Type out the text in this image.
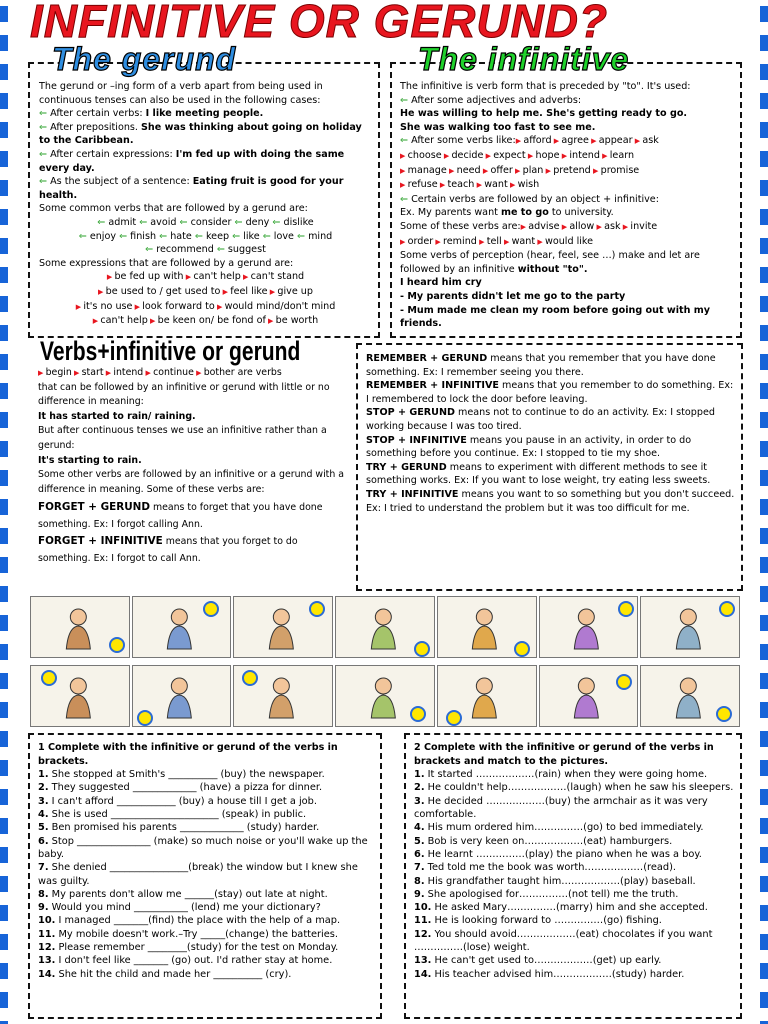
INFINITIVE OR GERUND?

The gerund or –ing form of a verb apart from being used in continuous tenses can also be used in the following cases:

⇐ After certain verbs: I like meeting people.

⇐ After prepositions. She was thinking about going on holiday to the Caribbean.

⇐ After certain expressions: I'm fed up with doing the same every day.

⇐ As the subject of a sentence: Eating fruit is good for your health.

Some common verbs that are followed by a gerund are:

⇐ admit ⇐ avoid ⇐ consider ⇐ deny ⇐ dislike

⇐ enjoy ⇐ finish ⇐ hate ⇐ keep ⇐ like ⇐ love ⇐ mind

⇐ recommend ⇐ suggest

Some expressions that are followed by a gerund are:

▶ be fed up with ▶ can't help ▶ can't stand

▶ be used to / get used to ▶ feel like ▶ give up

▶ it's no use ▶ look forward to ▶ would mind/don't mind

▶ can't help ▶ be keen on/ be fond of ▶ be worth

The gerund

The infinitive is verb form that is preceded by "to". It's used:

⇐ After some adjectives and adverbs:

He was willing to help me. She's getting ready to go.

She was walking too fast to see me.

⇐ After some verbs like:▶ afford ▶ agree ▶ appear ▶ ask

▶ choose ▶ decide ▶ expect ▶ hope ▶ intend ▶ learn

▶ manage ▶ need ▶ offer ▶ plan ▶ pretend ▶ promise

▶ refuse ▶ teach ▶ want ▶ wish

⇐ Certain verbs are followed by an object + infinitive:

Ex. My parents want me to go to university.

Some of these verbs are:▶ advise ▶ allow ▶ ask ▶ invite

▶ order ▶ remind ▶ tell ▶ want ▶ would like

Some verbs of perception (hear, feel, see …) make and let are followed by an infinitive without "to".

I heard him cry

- My parents didn't let me go to the party

- Mum made me clean my room before going out with my friends.

The infinitive
Verbs+infinitive or gerund

▶ begin ▶ start ▶ intend ▶ continue ▶ bother are verbs

that can be followed by an infinitive or gerund with little or no difference in meaning:

It has started to rain/ raining.

But after continuous tenses we use an infinitive rather than a gerund:

It's starting to rain.

Some other verbs are followed by an infinitive or a gerund with a difference in meaning. Some of these verbs are:

FORGET + GERUND means to forget that you have done something. Ex: I forgot calling Ann.

FORGET + INFINITIVE means that you forget to do something. Ex: I forgot to call Ann.

REMEMBER + GERUND means that you remember that you have done something. Ex: I remember seeing you there.

REMEMBER + INFINITIVE means that you remember to do something. Ex: I remembered to lock the door before leaving.

STOP + GERUND means not to continue to do an activity. Ex: I stopped working because I was too tired.

STOP + INFINITIVE means you pause in an activity, in order to do something before you continue. Ex: I stopped to tie my shoe.

TRY + GERUND means to experiment with different methods to see it something works. Ex: If you want to lose weight, try eating less sweets.

TRY + INFINITIVE means you want to so something but you don't succeed. Ex: I tried to understand the problem but it was too difficult for me.

1 Complete with the infinitive or gerund of the verbs in brackets.

1. She stopped at Smith's __________ (buy) the newspaper.

2. They suggested _____________ (have) a pizza for dinner.

3. I can't afford ____________ (buy) a house till I get a job.

4. She is used ______________________ (speak) in public.

5. Ben promised his parents _____________ (study) harder.

6. Stop _______________ (make) so much noise or you'll wake up the baby.

7. She denied ________________(break) the window but I knew she was guilty.

8. My parents don't allow me ______(stay) out late at night.

9. Would you mind ___________ (lend) me your dictionary?

10. I managed _______(find) the place with the help of a map.

11. My mobile doesn't work.–Try _____(change) the batteries.

12. Please remember ________(study) for the test on Monday.

13. I don't feel like _______ (go) out. I'd rather stay at home.

14. She hit the child and made her __________ (cry).

2 Complete with the infinitive or gerund of the verbs in brackets and match to the pictures.

1. It started ………………(rain) when they were going home.

2. He couldn't help………………(laugh) when he saw his sleepers.

3. He decided ………………(buy) the armchair as it was very comfortable.

4. His mum ordered him……………(go) to bed immediately.

5. Bob is very keen on………………(eat) hamburgers.

6. He learnt ……………(play) the piano when he was a boy.

7. Ted told me the book was worth………………(read).

8. His grandfather taught him………………(play) baseball.

9. She apologised for……………(not tell) me the truth.

10. He asked Mary……………(marry) him and she accepted.

11. He is looking forward to ……………(go) fishing.

12. You should avoid………………(eat) chocolates if you want ……………(lose) weight.

13. He can't get used to………………(get) up early.

14. His teacher advised him………………(study) harder.
